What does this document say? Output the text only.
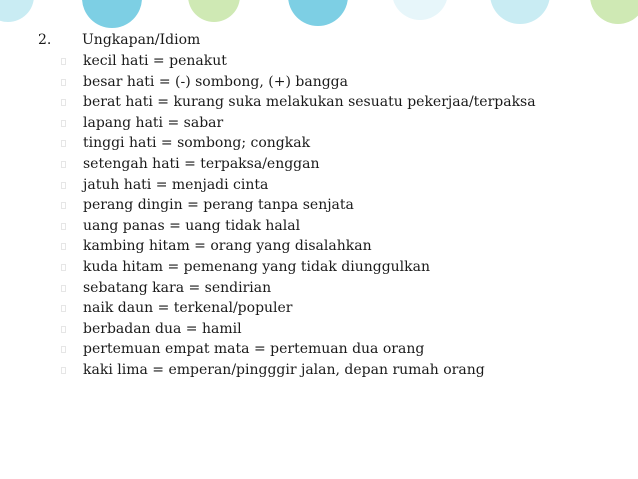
2. Ungkapan/Idiom
kecil hati = penakut
besar hati = (-) sombong, (+) bangga
berat hati = kurang suka melakukan sesuatu pekerjaa/terpaksa
lapang hati = sabar
tinggi hati = sombong; congkak
setengah hati = terpaksa/enggan
jatuh hati = menjadi cinta
perang dingin = perang tanpa senjata
uang panas = uang tidak halal
kambing hitam = orang yang disalahkan
kuda hitam = pemenang yang tidak diunggulkan
sebatang kara = sendirian
naik daun = terkenal/populer
berbadan dua = hamil
pertemuan empat mata = pertemuan dua orang
kaki lima = emperan/pingggir jalan, depan rumah orang
